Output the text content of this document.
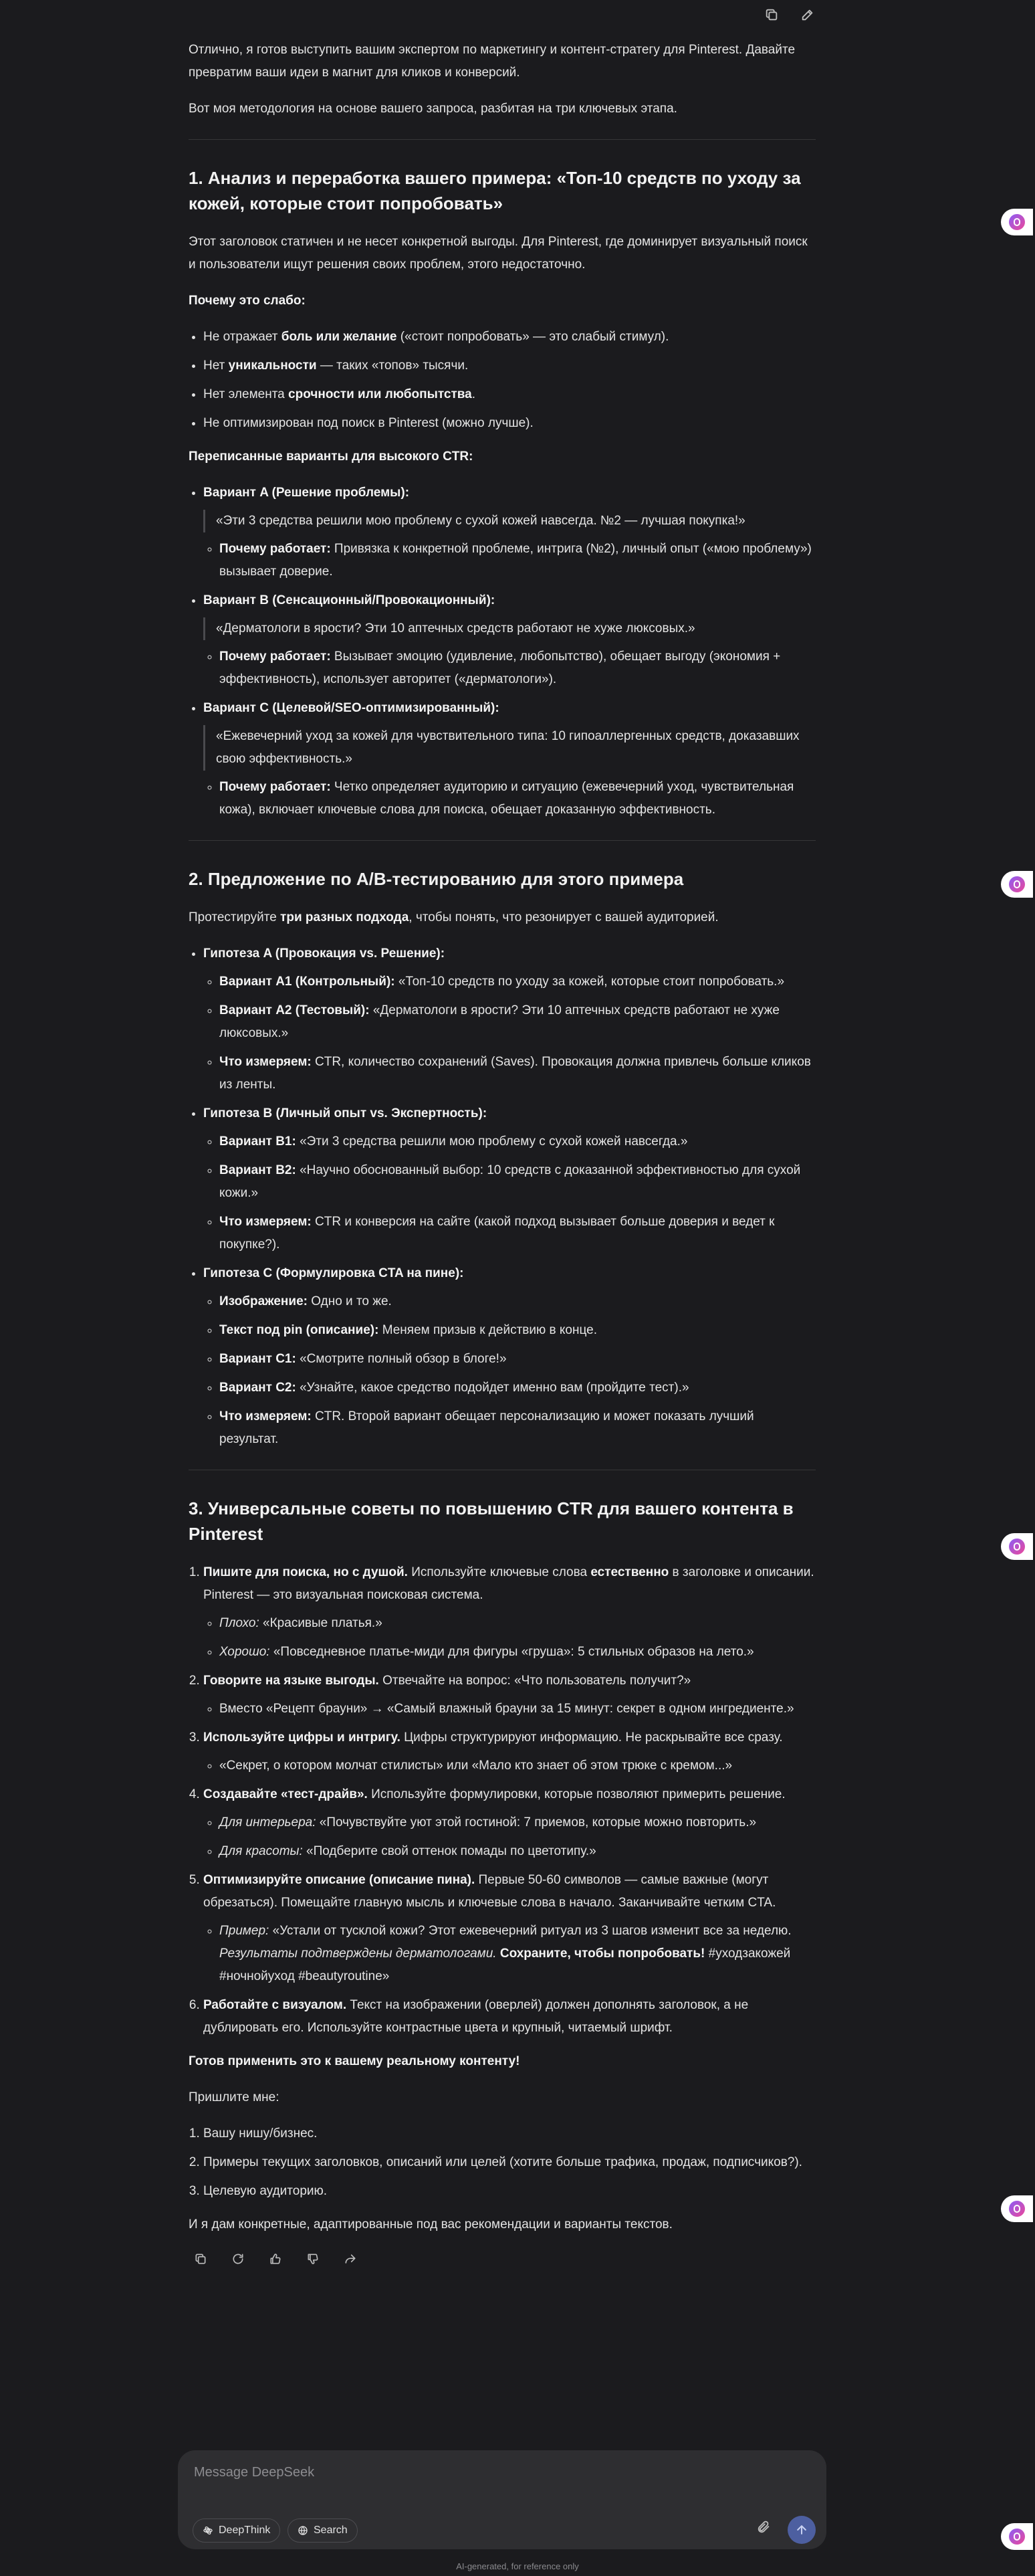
Отлично, я готов выступить вашим экспертом по маркетингу и контент-стратегу для Pinterest. Давайте превратим ваши идеи в магнит для кликов и конверсий.

Вот моя методология на основе вашего запроса, разбитая на три ключевых этапа.

1. Анализ и переработка вашего примера: «Топ-10 средств по уходу за кожей, которые стоит попробовать»

Этот заголовок статичен и не несет конкретной выгоды. Для Pinterest, где доминирует визуальный поиск и пользователи ищут решения своих проблем, этого недостаточно.

Почему это слабо:

• Не отражает боль или желание («стоит попробовать» — это слабый стимул).
• Нет уникальности — таких «топов» тысячи.
• Нет элемента срочности или любопытства.
• Не оптимизирован под поиск в Pinterest (можно лучше).

Переписанные варианты для высокого CTR:

• Вариант A (Решение проблемы):
«Эти 3 средства решили мою проблему с сухой кожей навсегда. №2 — лучшая покупка!»
◦ Почему работает: Привязка к конкретной проблеме, интрига (№2), личный опыт («мою проблему») вызывает доверие.
• Вариант B (Сенсационный/Провокационный):
«Дерматологи в ярости? Эти 10 аптечных средств работают не хуже люксовых.»
◦ Почему работает: Вызывает эмоцию (удивление, любопытство), обещает выгоду (экономия + эффективность), использует авторитет («дерматологи»).
• Вариант C (Целевой/SEO-оптимизированный):
«Ежевечерний уход за кожей для чувствительного типа: 10 гипоаллергенных средств, доказавших свою эффективность.»
◦ Почему работает: Четко определяет аудиторию и ситуацию (ежевечерний уход, чувствительная кожа), включает ключевые слова для поиска, обещает доказанную эффективность.
2. Предложение по A/B-тестированию для этого примера

Протестируйте три разных подхода, чтобы понять, что резонирует с вашей аудиторией.

• Гипотеза A (Провокация vs. Решение):
◦ Вариант A1 (Контрольный): «Топ-10 средств по уходу за кожей, которые стоит попробовать.»
◦ Вариант A2 (Тестовый): «Дерматологи в ярости? Эти 10 аптечных средств работают не хуже люксовых.»
◦ Что измеряем: CTR, количество сохранений (Saves). Провокация должна привлечь больше кликов из ленты.
• Гипотеза B (Личный опыт vs. Экспертность):
◦ Вариант B1: «Эти 3 средства решили мою проблему с сухой кожей навсегда.»
◦ Вариант B2: «Научно обоснованный выбор: 10 средств с доказанной эффективностью для сухой кожи.»
◦ Что измеряем: CTR и конверсия на сайте (какой подход вызывает больше доверия и ведет к покупке?).
• Гипотеза C (Формулировка CTA на пине):
◦ Изображение: Одно и то же.
◦ Текст под pin (описание): Меняем призыв к действию в конце.
◦ Вариант C1: «Смотрите полный обзор в блоге!»
◦ Вариант C2: «Узнайте, какое средство подойдет именно вам (пройдите тест).»
◦ Что измеряем: CTR. Второй вариант обещает персонализацию и может показать лучший результат.
3. Универсальные советы по повышению CTR для вашего контента в Pinterest
1. Пишите для поиска, но с душой. Используйте ключевые слова естественно в заголовке и описании. Pinterest — это визуальная поисковая система.
◦ Плохо: «Красивые платья.»
◦ Хорошо: «Повседневное платье-миди для фигуры «груша»: 5 стильных образов на лето.»
2. Говорите на языке выгоды. Отвечайте на вопрос: «Что пользователь получит?»
◦ Вместо «Рецепт брауни» → «Самый влажный брауни за 15 минут: секрет в одном ингредиенте.»
3. Используйте цифры и интригу. Цифры структурируют информацию. Не раскрывайте все сразу.
◦ «Секрет, о котором молчат стилисты» или «Мало кто знает об этом трюке с кремом...»
4. Создавайте «тест-драйв». Используйте формулировки, которые позволяют примерить решение.
◦ Для интерьера: «Почувствуйте уют этой гостиной: 7 приемов, которые можно повторить.»
◦ Для красоты: «Подберите свой оттенок помады по цветотипу.»
5. Оптимизируйте описание (описание пина). Первые 50-60 символов — самые важные (могут обрезаться). Помещайте главную мысль и ключевые слова в начало. Заканчивайте четким CTA.
◦ Пример: «Устали от тусклой кожи? Этот ежевечерний ритуал из 3 шагов изменит все за неделю. Результаты подтверждены дерматологами. Сохраните, чтобы попробовать! #уходзакожей #ночнойуход #beautyroutine»
6. Работайте с визуалом. Текст на изображении (оверлей) должен дополнять заголовок, а не дублировать его. Используйте контрастные цвета и крупный, читаемый шрифт.

Готов применить это к вашему реальному контенту!

Пришлите мне:

1. Вашу нишу/бизнес.
2. Примеры текущих заголовков, описаний или целей (хотите больше трафика, продаж, подписчиков?).
3. Целевую аудиторию.

И я дам конкретные, адаптированные под вас рекомендации и варианты текстов.

Message DeepSeek
DeepThink	Search
AI-generated, for reference only
